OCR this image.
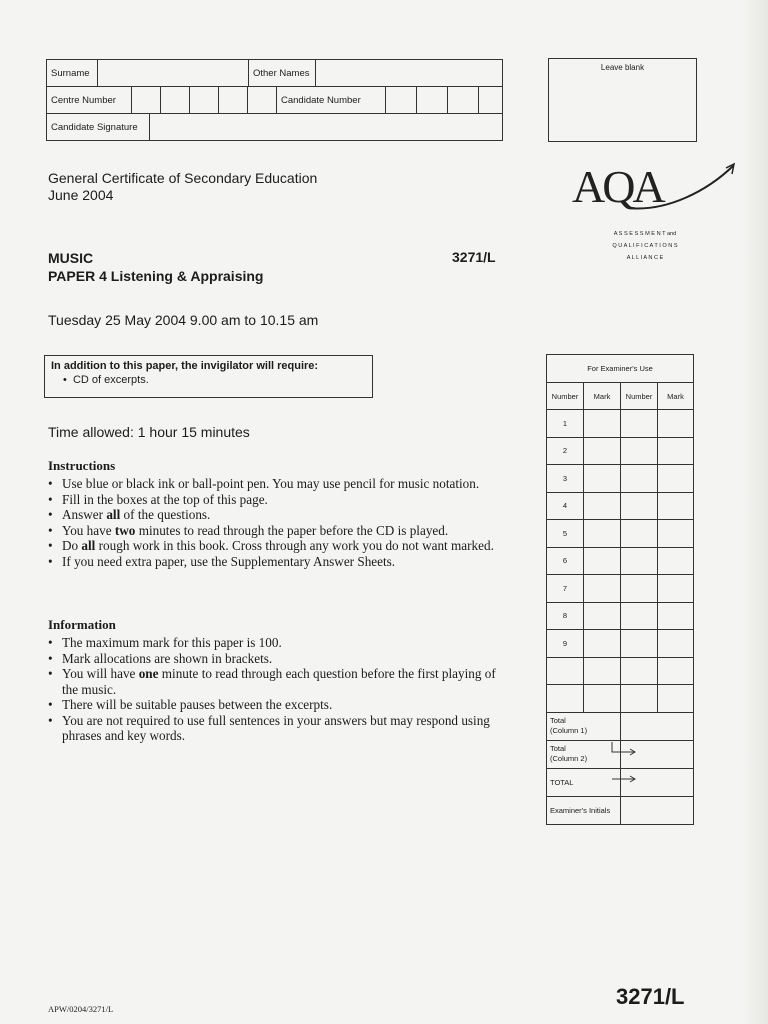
Surname		Other Names	
Centre Number						Candidate Number				
Candidate Signature	
Leave blank
General Certificate of Secondary Education
June 2004	AQA
A S S E S S M E N T and
Q U A L I F I C A T I O N S
A L L I A N C E
MUSIC
PAPER 4 Listening & Appraising
3271/L
Tuesday 25 May 2004 9.00 am to 10.15 am
In addition to this paper, the invigilator will require:
• CD of excerpts.
Time allowed: 1 hour 15 minutes
Instructions
• Use blue or black ink or ball-point pen. You may use pencil for music notation.
• Fill in the boxes at the top of this page.
• Answer all of the questions.
• You have two minutes to read through the paper before the CD is played.
• Do all rough work in this book. Cross through any work you do not want marked.
• If you need extra paper, use the Supplementary Answer Sheets.
Information
• The maximum mark for this paper is 100.
• Mark allocations are shown in brackets.
• You will have one minute to read through each question before the first playing of the music.
• There will be suitable pauses between the excerpts.
• You are not required to use full sentences in your answers but may respond using phrases and key words.
For Examiner's Use			
Number	Mark	Number	Mark
1			
2			
3			
4			
5			
6			
7			
8			
9			

Total
(Column 1)			
Total
(Column 2)			
TOTAL			
Examiner's Initials			
APW/0204/3271/L	3271/L
